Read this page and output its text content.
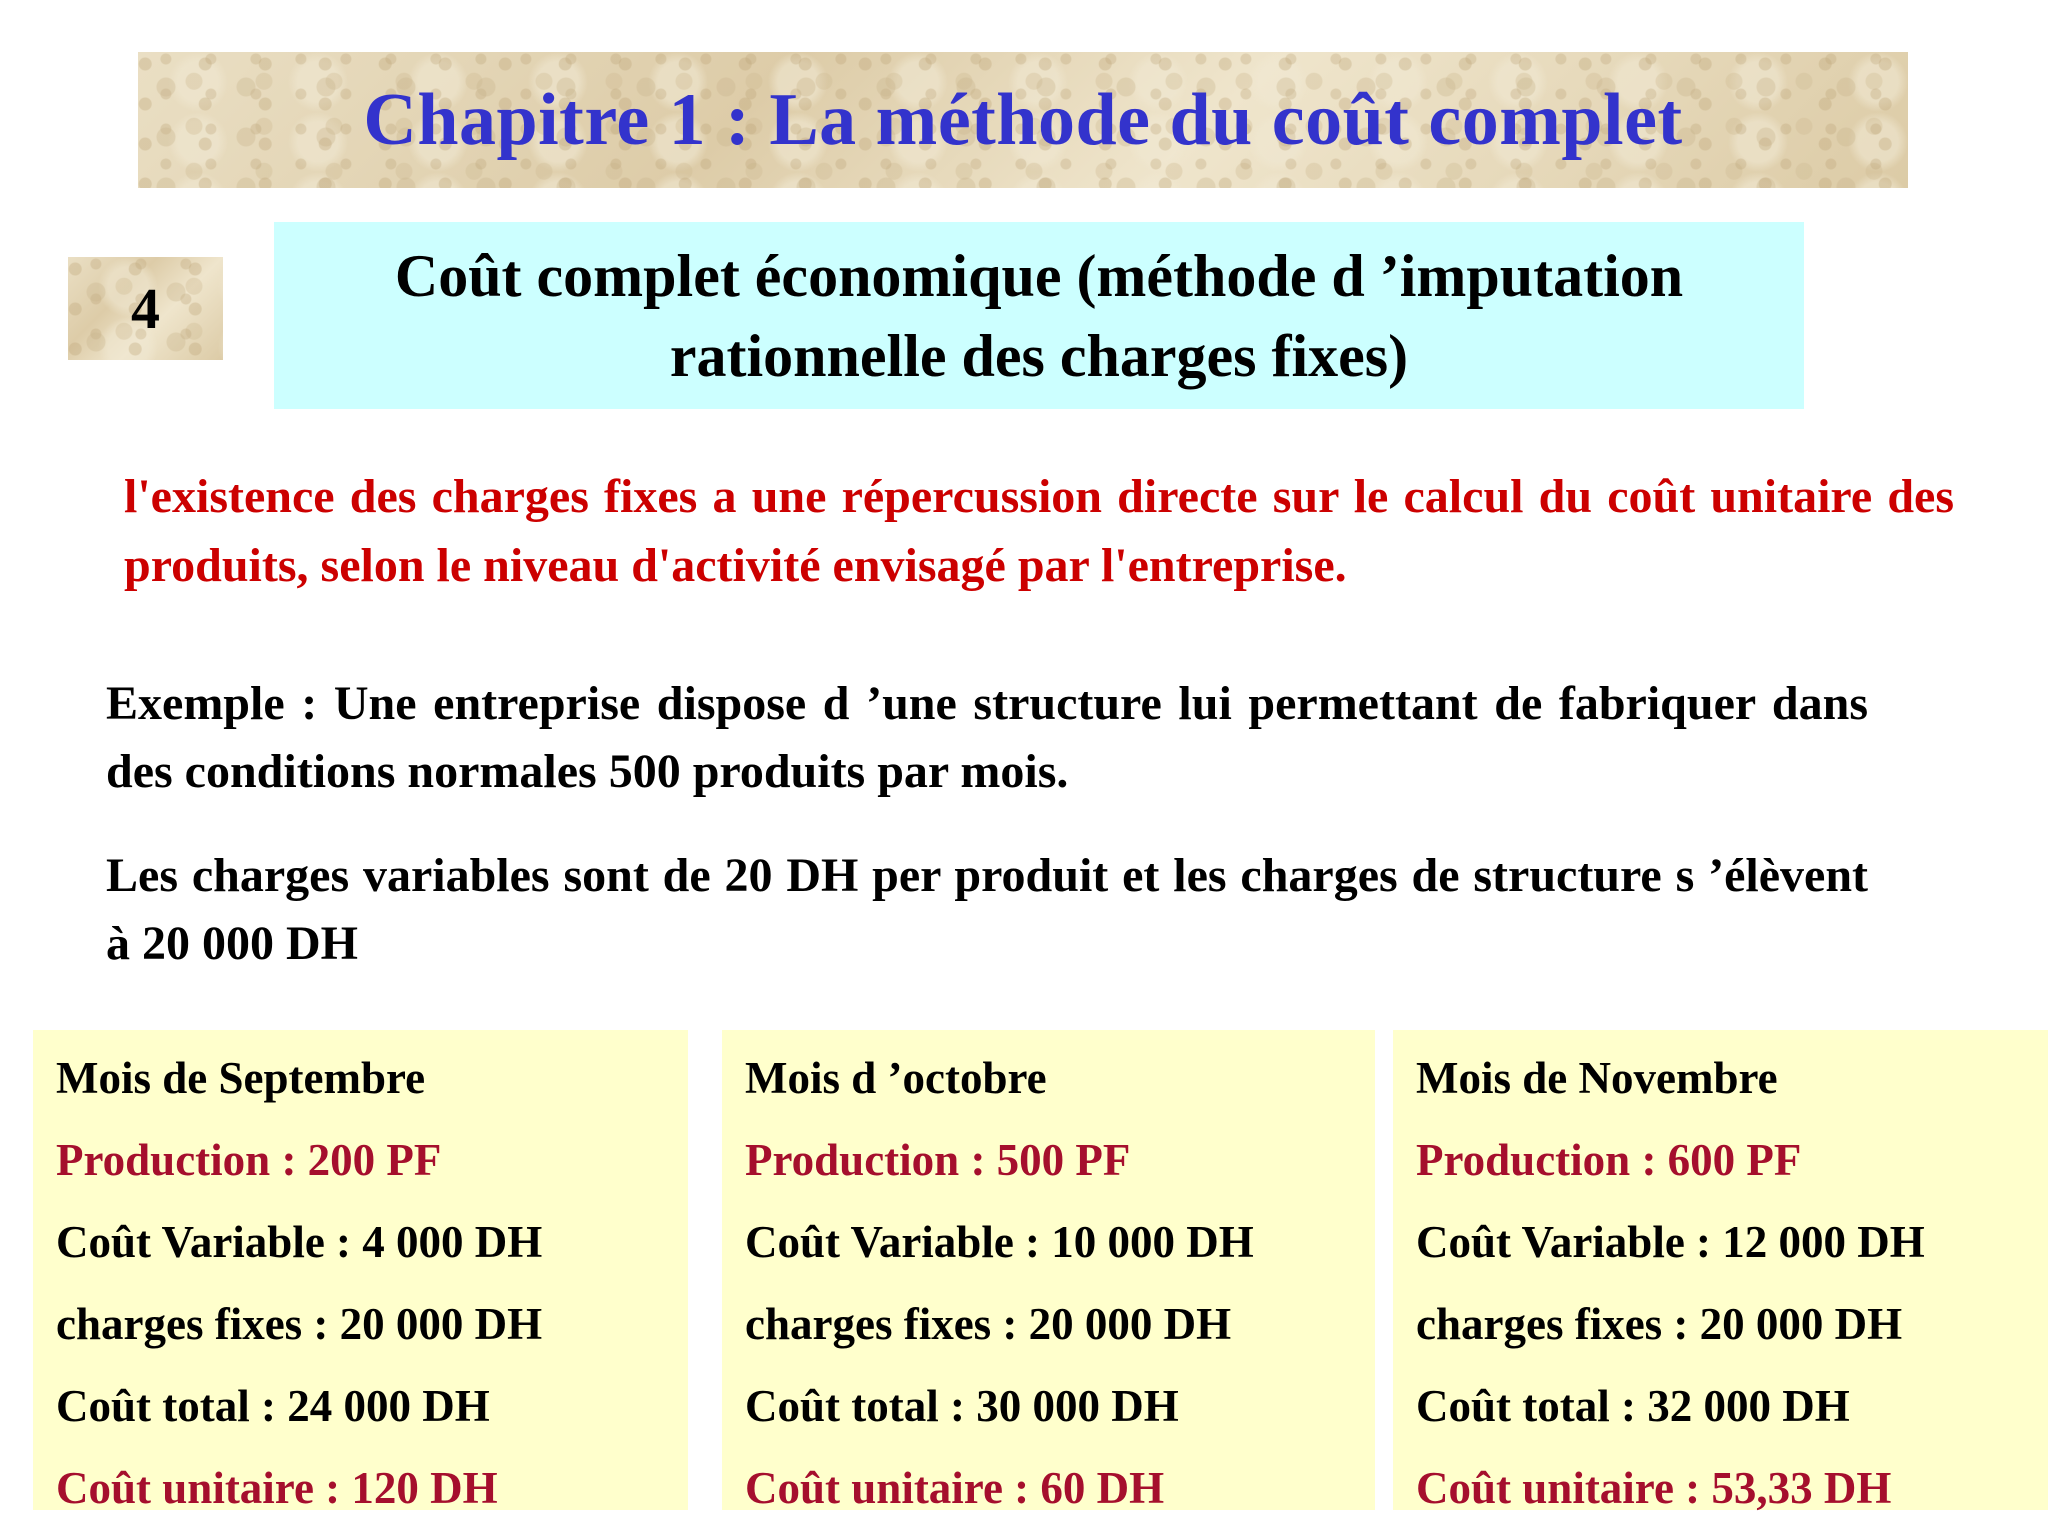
Chapitre 1 : La méthode du coût complet
4	Coût complet économique (méthode d ’imputation
rationnelle des charges fixes)

l'existence des charges fixes a une répercussion directe sur le calcul du coût unitaire des produits, selon le niveau d'activité envisagé par l'entreprise.

Exemple : Une entreprise dispose d ’une structure lui permettant de fabriquer dans des conditions normales 500 produits par mois.

Les charges variables sont de 20 DH per produit et les charges de structure s ’élèvent à 20 000 DH

Mois de Septembre
Production : 200 PF
Coût Variable : 4 000 DH
charges fixes : 20 000 DH
Coût total : 24 000 DH
Coût unitaire : 120 DH
Mois d ’octobre
Production : 500 PF
Coût Variable : 10 000 DH
charges fixes : 20 000 DH
Coût total : 30 000 DH
Coût unitaire : 60 DH
Mois de Novembre
Production : 600 PF
Coût Variable : 12 000 DH
charges fixes : 20 000 DH
Coût total : 32 000 DH
Coût unitaire : 53,33 DH
